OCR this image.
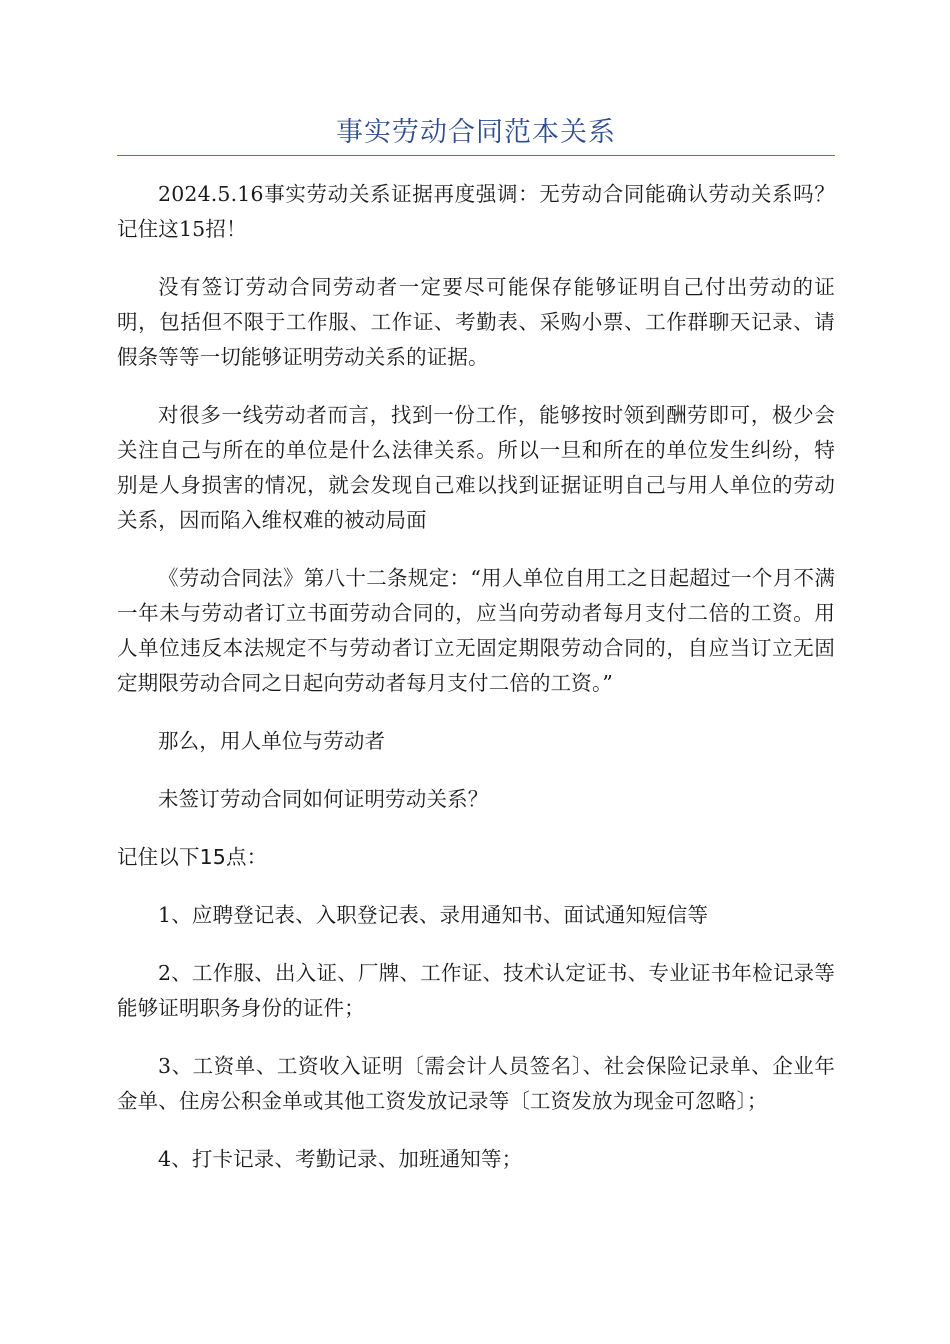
事实劳动合同范本关系

2024.5.16事实劳动关系证据再度强调：无劳动合同能确认劳动关系吗？记住这15招！

没有签订劳动合同劳动者一定要尽可能保存能够证明自己付出劳动的证明，包括但不限于工作服、工作证、考勤表、采购小票、工作群聊天记录、请假条等等一切能够证明劳动关系的证据。

对很多一线劳动者而言，找到一份工作，能够按时领到酬劳即可，极少会关注自己与所在的单位是什么法律关系。所以一旦和所在的单位发生纠纷，特别是人身损害的情况，就会发现自己难以找到证据证明自己与用人单位的劳动关系，因而陷入维权难的被动局面

《劳动合同法》第八十二条规定：“用人单位自用工之日起超过一个月不满一年未与劳动者订立书面劳动合同的，应当向劳动者每月支付二倍的工资。用人单位违反本法规定不与劳动者订立无固定期限劳动合同的，自应当订立无固定期限劳动合同之日起向劳动者每月支付二倍的工资。”

那么，用人单位与劳动者

未签订劳动合同如何证明劳动关系？

记住以下15点：

1、应聘登记表、入职登记表、录用通知书、面试通知短信等

2、工作服、出入证、厂牌、工作证、技术认定证书、专业证书年检记录等能够证明职务身份的证件；

3、工资单、工资收入证明〔需会计人员签名〕、社会保险记录单、企业年金单、住房公积金单或其他工资发放记录等〔工资发放为现金可忽略〕；

4、打卡记录、考勤记录、加班通知等；
